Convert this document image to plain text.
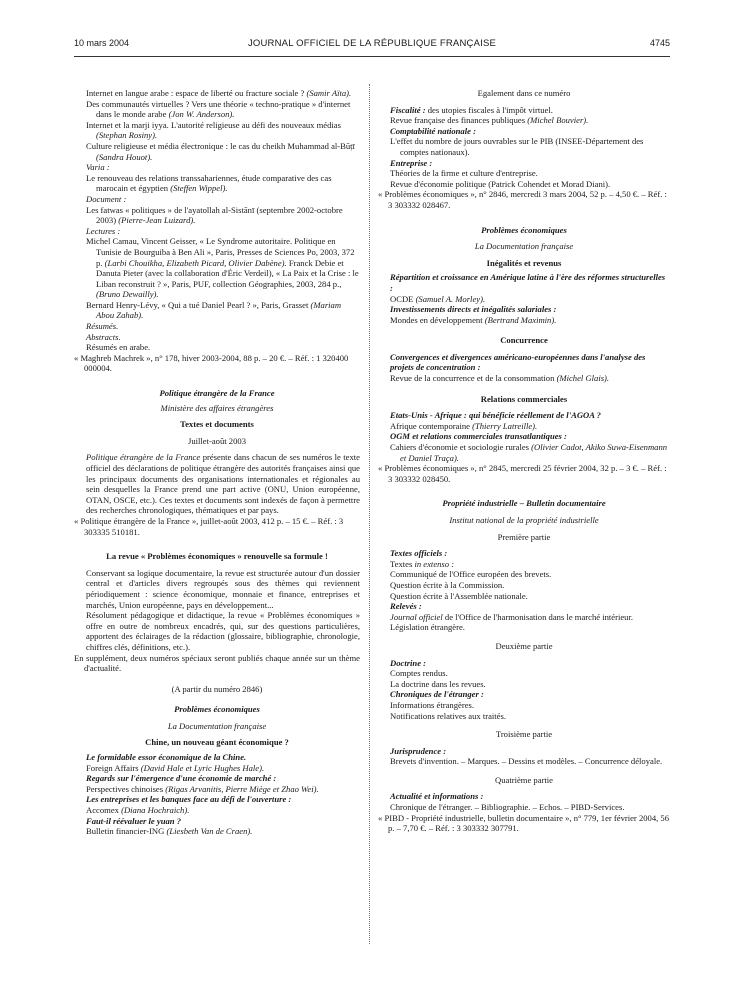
10 mars 2004	JOURNAL OFFICIEL DE LA RÉPUBLIQUE FRANÇAISE	4745

Internet en langue arabe : espace de liberté ou fracture sociale ? (Samir Aïta).

Des communautés virtuelles ? Vers une théorie « techno-pratique » d'internet dans le monde arabe (Jon W. Anderson).

Internet et la marji iyya. L'autorité religieuse au défi des nouveaux médias (Stephan Rosiny).

Culture religieuse et média électronique : le cas du cheikh Muhammad al-Būṭī (Sandra Houot).

Varia :

Le renouveau des relations transsahariennes, étude comparative des cas marocain et égyptien (Steffen Wippel).

Document :

Les fatwas « politiques » de l'ayatollah al-Sistānī (septembre 2002-octobre 2003) (Pierre-Jean Luizard).

Lectures :

Michel Camau, Vincent Geisser, « Le Syndrome autoritaire. Politique en Tunisie de Bourguiba à Ben Ali », Paris, Presses de Sciences Po, 2003, 372 p. (Larbi Chouikha, Elizabeth Picard, Olivier Dabène). Franck Debie et Danuta Pieter (avec la collaboration d'Éric Verdeil), « La Paix et la Crise : le Liban reconstruit ? », Paris, PUF, collection Géographies, 2003, 284 p., (Bruno Dewailly).

Bernard Henry-Lévy, « Qui a tué Daniel Pearl ? », Paris, Grasset (Mariam Abou Zahab).

Résumés.

Abstracts.

Résumés en arabe.

« Maghreb Machrek », n° 178, hiver 2003-2004, 88 p. – 20 €. – Réf. : 1 320400 000004.

Politique étrangère de la France

Ministère des affaires étrangères

Textes et documents

Juillet-août 2003

Politique étrangère de la France présente dans chacun de ses numéros le texte officiel des déclarations de politique étrangère des autorités françaises ainsi que les principaux documents des organisations internationales et régionales au sein desquelles la France prend une part active (ONU, Union européenne, OTAN, OSCE, etc.). Ces textes et documents sont indexés de façon à permettre des recherches chronologiques, thématiques et par pays.

« Politique étrangère de la France », juillet-août 2003, 412 p. – 15 €. – Réf. : 3 303335 510181.

La revue « Problèmes économiques » renouvelle sa formule !

Conservant sa logique documentaire, la revue est structurée autour d'un dossier central et d'articles divers regroupés sous des thèmes qui reviennent périodiquement : science économique, monnaie et finance, entreprises et marchés, Union européenne, pays en développement...

Résolument pédagogique et didactique, la revue « Problèmes économiques » offre en outre de nombreux encadrés, qui, sur des questions particulières, apportent des éclairages de la rédaction (glossaire, bibliographie, chronologie, chiffres clés, définitions, etc.).

En supplément, deux numéros spéciaux seront publiés chaque année sur un thème d'actualité.

(A partir du numéro 2846)

Problèmes économiques

La Documentation française

Chine, un nouveau géant économique ?

Le formidable essor économique de la Chine.

Foreign Affairs (David Hale et Lyric Hughes Hale).

Regards sur l'émergence d'une économie de marché :

Perspectives chinoises (Rigas Arvanitis, Pierre Miège et Zhao Wei).

Les entreprises et les banques face au défi de l'ouverture :

Accomex (Diana Hochraich).

Faut-il réévaluer le yuan ?

Bulletin financier-ING (Liesbeth Van de Craen).

Egalement dans ce numéro

Fiscalité : des utopies fiscales à l'impôt virtuel.

Revue française des finances publiques (Michel Bouvier).

Comptabilité nationale :

L'effet du nombre de jours ouvrables sur le PIB (INSEE-Département des comptes nationaux).

Entreprise :

Théories de la firme et culture d'entreprise.

Revue d'économie politique (Patrick Cohendet et Morad Diani).

« Problèmes économiques », n° 2846, mercredi 3 mars 2004, 52 p. – 4,50 €. – Réf. : 3 303332 028467.

Problèmes économiques

La Documentation française

Inégalités et revenus

Répartition et croissance en Amérique latine à l'ère des réformes structurelles :

OCDE (Samuel A. Morley).

Investissements directs et inégalités salariales :

Mondes en développement (Bertrand Maximin).

Concurrence

Convergences et divergences américano-européennes dans l'analyse des projets de concentration :

Revue de la concurrence et de la consommation (Michel Glais).

Relations commerciales

Etats-Unis - Afrique : qui bénéficie réellement de l'AGOA ?

Afrique contemporaine (Thierry Latreille).

OGM et relations commerciales transatlantiques :

Cahiers d'économie et sociologie rurales (Olivier Cadot, Akiko Suwa-Eisenmann et Daniel Traça).

« Problèmes économiques », n° 2845, mercredi 25 février 2004, 32 p. – 3 €. – Réf. : 3 303332 028450.

Propriété industrielle – Bulletin documentaire

Institut national de la propriété industrielle

Première partie

Textes officiels :

Textes in extenso :

Communiqué de l'Office européen des brevets.

Question écrite à la Commission.

Question écrite à l'Assemblée nationale.

Relevés :

Journal officiel de l'Office de l'harmonisation dans le marché intérieur.

Législation étrangère.

Deuxième partie

Doctrine :

Comptes rendus.

La doctrine dans les revues.

Chroniques de l'étranger :

Informations étrangères.

Notifications relatives aux traités.

Troisième partie

Jurisprudence :

Brevets d'invention. – Marques. – Dessins et modèles. – Concurrence déloyale.

Quatrième partie

Actualité et informations :

Chronique de l'étranger. – Bibliographie. – Echos. – PIBD-Services.

« PIBD - Propriété industrielle, bulletin documentaire », n° 779, 1er février 2004, 56 p. – 7,70 €. – Réf. : 3 303332 307791.
